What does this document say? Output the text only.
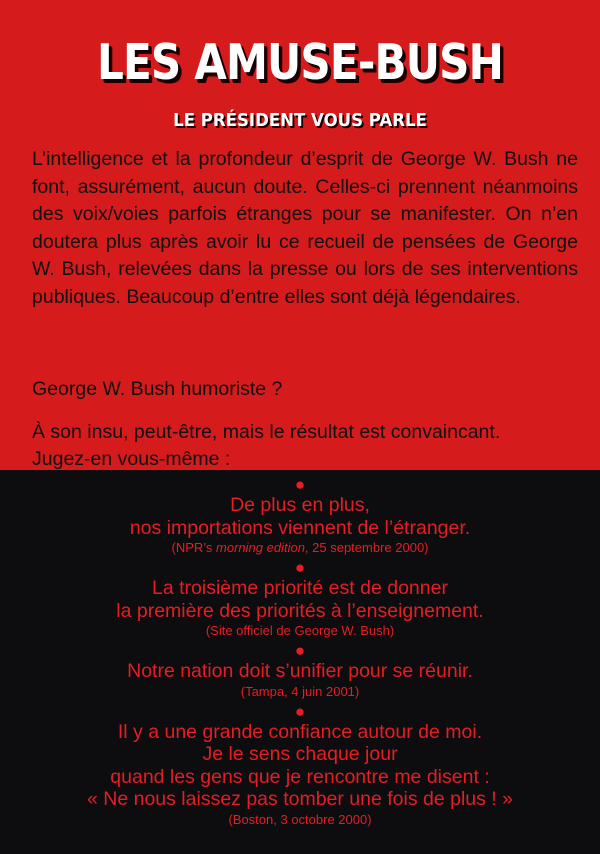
LES AMUSE-BUSH
LE PRÉSIDENT VOUS PARLE

L’intelligence et la profondeur d’esprit de George W. Bush ne font, assurément, aucun doute. Celles-ci prennent néanmoins des voix/voies parfois étranges pour se manifester. On n’en doutera plus après avoir lu ce recueil de pensées de George W. Bush, relevées dans la presse ou lors de ses interventions publiques. Beaucoup d’entre elles sont déjà légendaires.

George W. Bush humoriste ?
À son insu, peut-être, mais le résultat est convaincant.
Jugez-en vous-même :
●
De plus en plus,
nos importations viennent de l’étranger.
(NPR’s morning edition, 25 septembre 2000)
●
La troisième priorité est de donner
la première des priorités à l’enseignement.
(Site officiel de George W. Bush)
●
Notre nation doit s’unifier pour se réunir.
(Tampa, 4 juin 2001)
●
Il y a une grande confiance autour de moi.
Je le sens chaque jour
quand les gens que je rencontre me disent :
« Ne nous laissez pas tomber une fois de plus ! »
(Boston, 3 octobre 2000)
